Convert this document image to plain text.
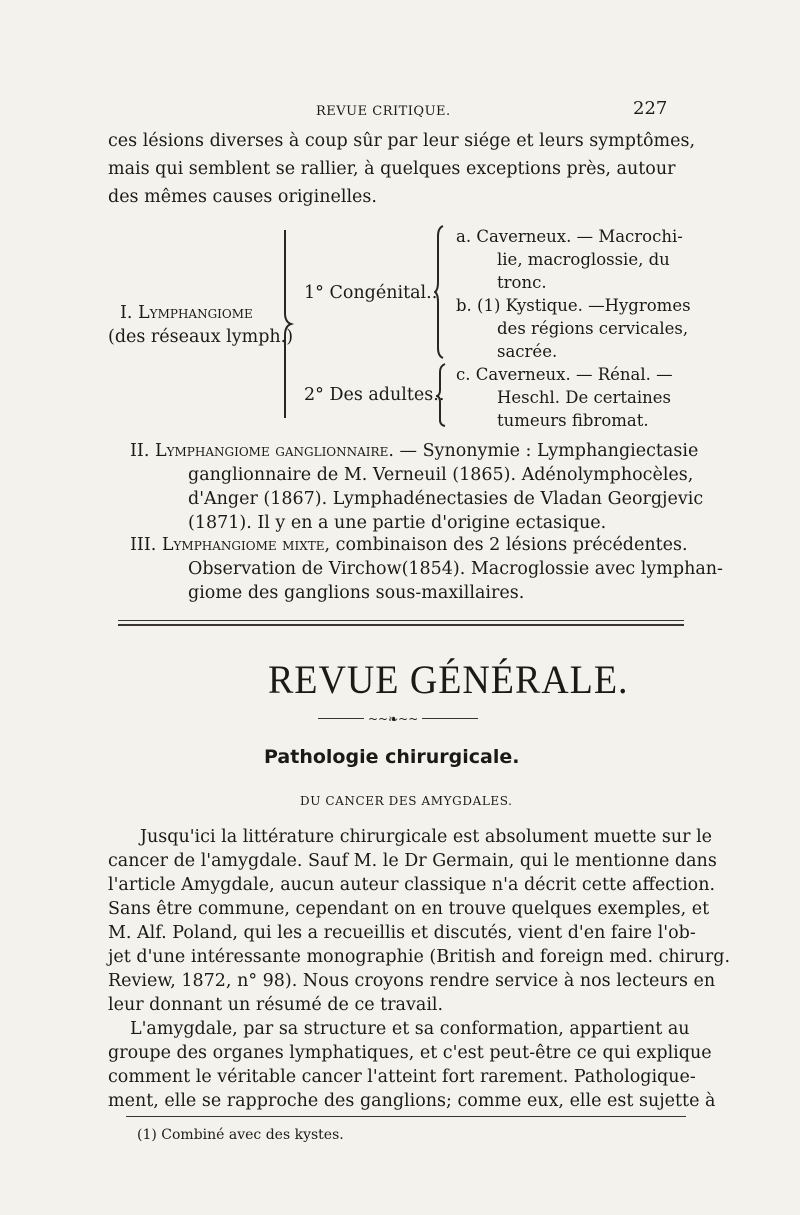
REVUE CRITIQUE.	227
ces lésions diverses à coup sûr par leur siége et leurs symptômes,
mais qui semblent se rallier, à quelques exceptions près, autour
des mêmes causes originelles.
I. Lymphangiome
(des réseaux lymph.)
1° Congénital..
2° Des adultes..
a. Caverneux. — Macrochi-
lie, macroglossie, du
tronc.
b. (1) Kystique. —Hygromes
des régions cervicales,
sacrée.
c. Caverneux. — Rénal. —
Heschl. De certaines
tumeurs fibromat.
II. Lymphangiome ganglionnaire. — Synonymie : Lymphangiectasie
ganglionnaire de M. Verneuil (1865). Adénolymphocèles,
d'Anger (1867). Lymphadénectasies de Vladan Georgjevic
(1871). Il y en a une partie d'origine ectasique.
III. Lymphangiome mixte, combinaison des 2 lésions précédentes.
Observation de Virchow(1854). Macroglossie avec lymphan-
giome des ganglions sous-maxillaires.
REVUE GÉNÉRALE.
~~❧~~
Pathologie chirurgicale.
DU CANCER DES AMYGDALES.
Jusqu'ici la littérature chirurgicale est absolument muette sur le
cancer de l'amygdale. Sauf M. le Dr Germain, qui le mentionne dans
l'article Amygdale, aucun auteur classique n'a décrit cette affection.
Sans être commune, cependant on en trouve quelques exemples, et
M. Alf. Poland, qui les a recueillis et discutés, vient d'en faire l'ob-
jet d'une intéressante monographie (British and foreign med. chirurg.
Review, 1872, n° 98). Nous croyons rendre service à nos lecteurs en
leur donnant un résumé de ce travail.
L'amygdale, par sa structure et sa conformation, appartient au
groupe des organes lymphatiques, et c'est peut-être ce qui explique
comment le véritable cancer l'atteint fort rarement. Pathologique-
ment, elle se rapproche des ganglions; comme eux, elle est sujette à
(1) Combiné avec des kystes.
